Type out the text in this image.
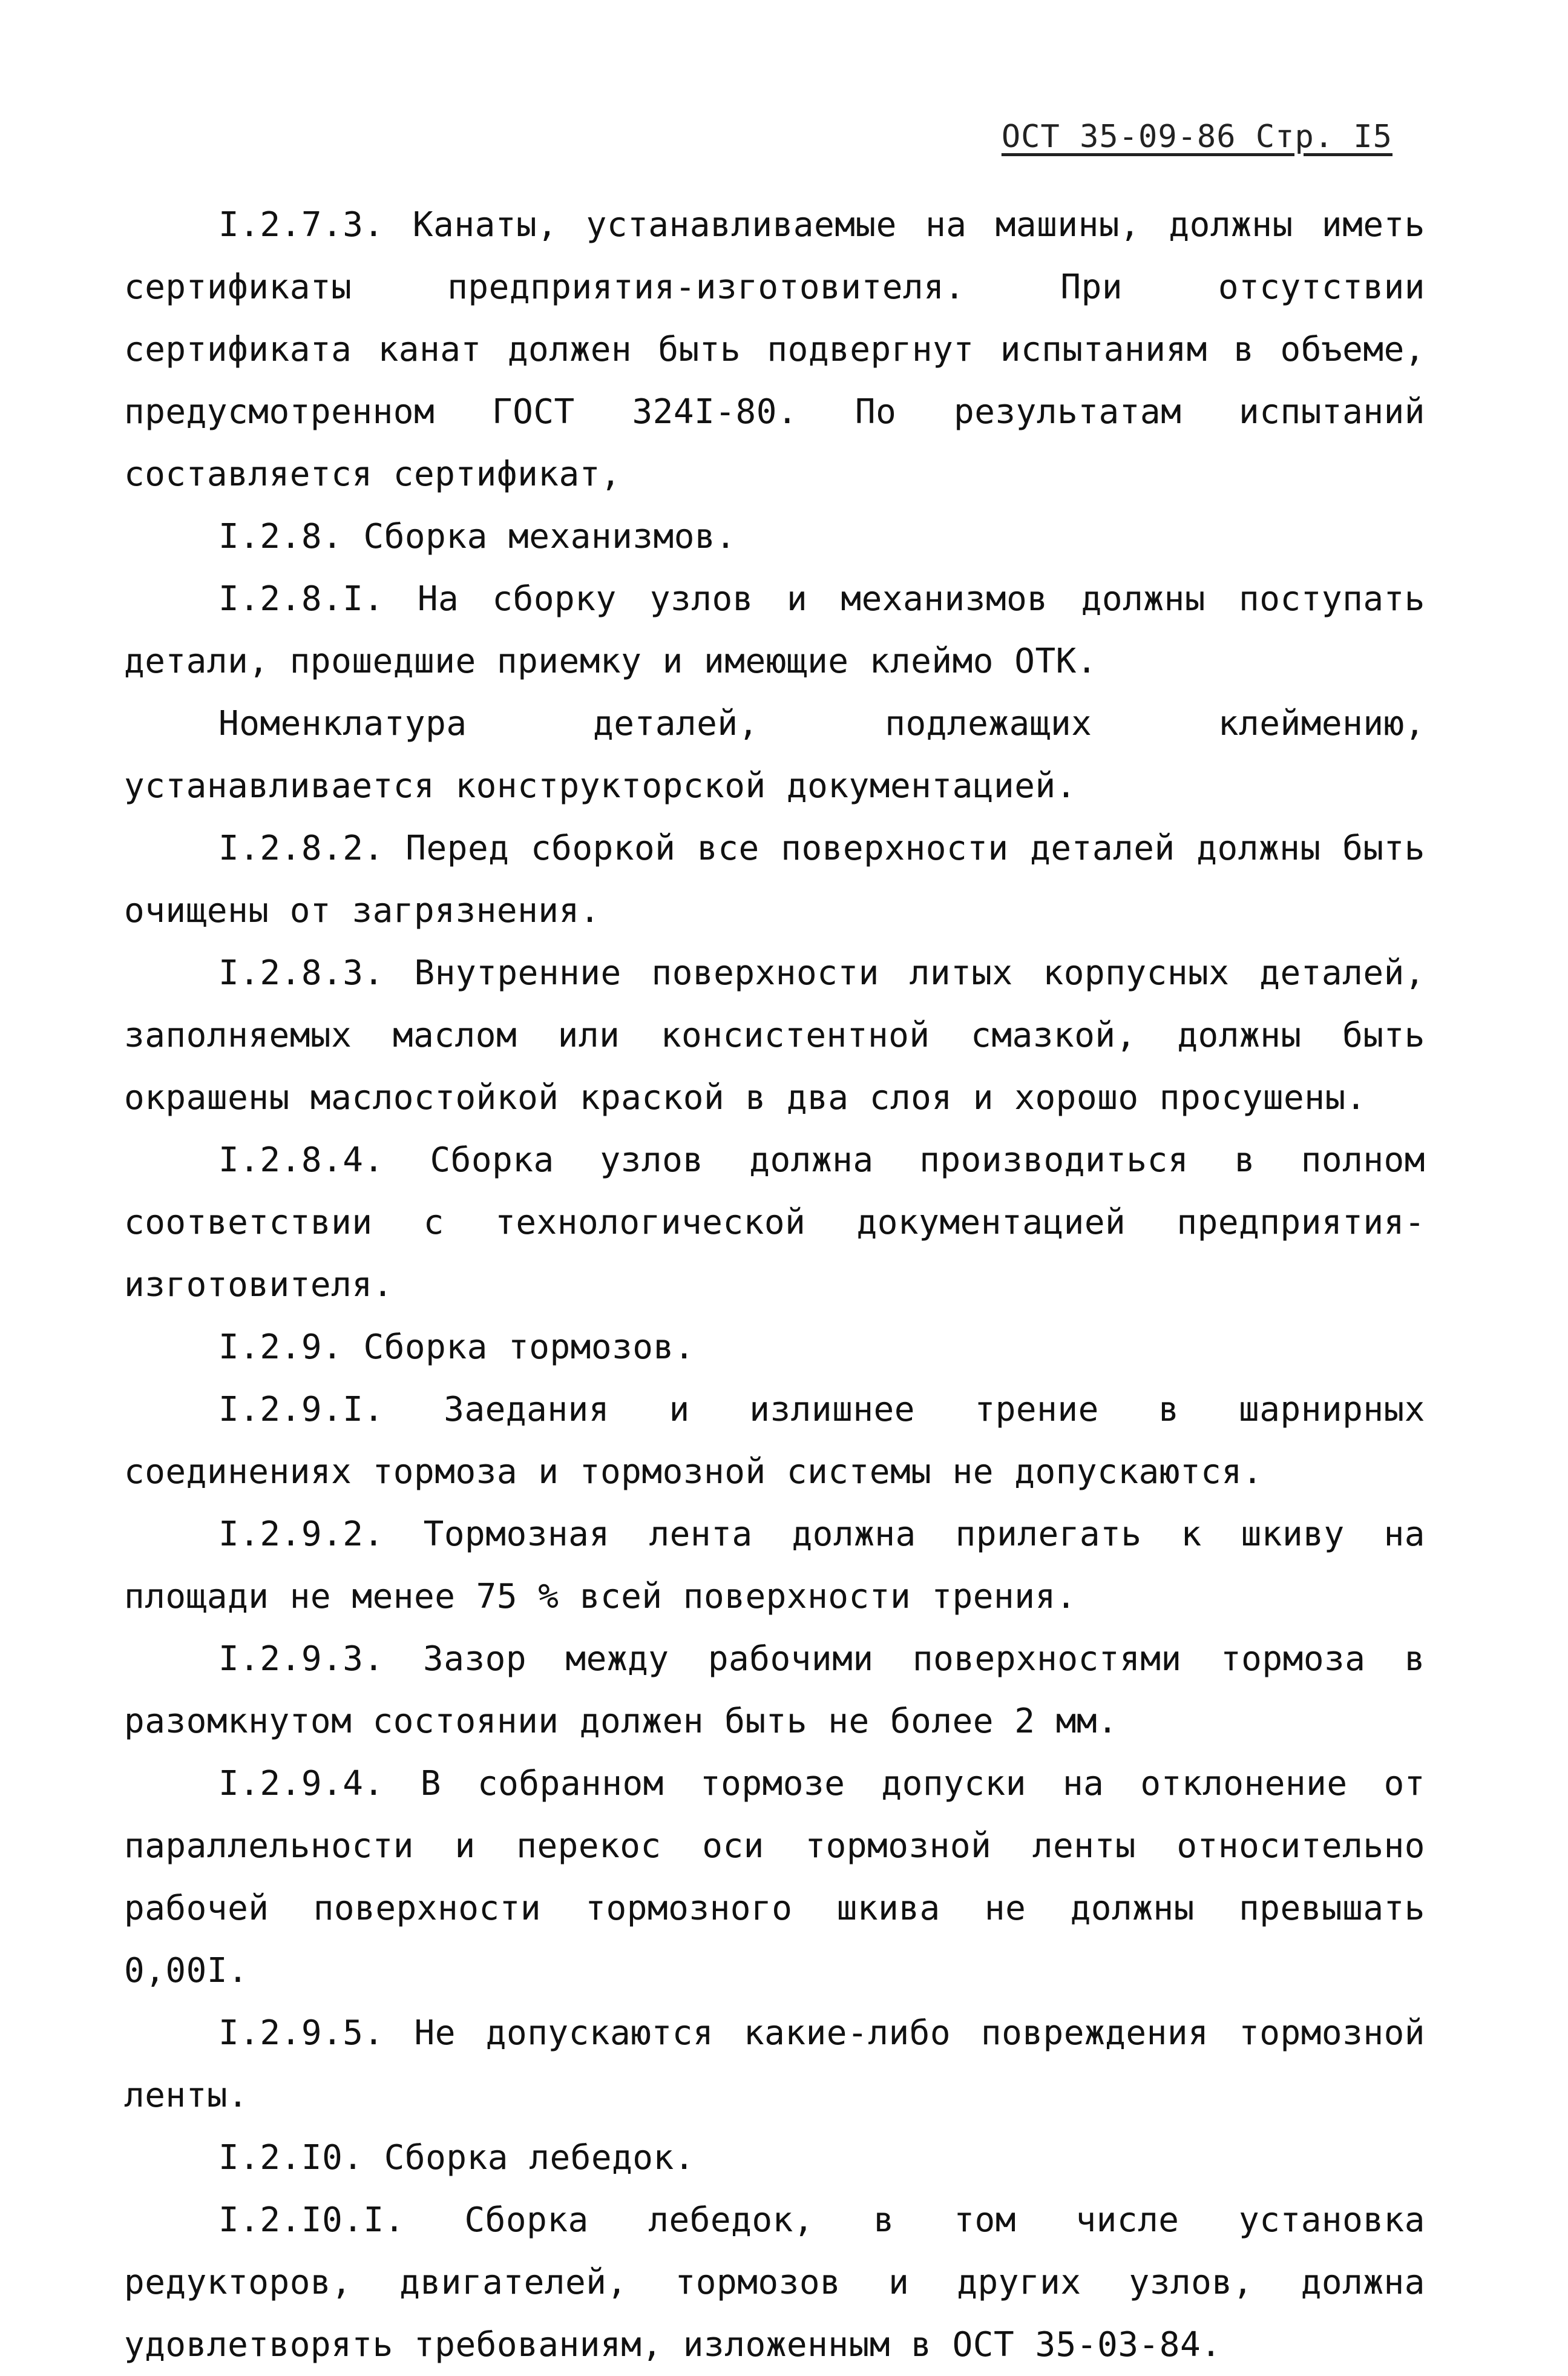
ОСТ 35-09-86 Стр. I5

I.2.7.3. Канаты, устанавливаемые на машины, должны иметь сертификаты предприятия-изготовителя. При отсутствии сертификата канат должен быть подвергнут испытаниям в объеме, предусмотренном ГОСТ 324I-80. По результатам испытаний составляется сертификат,

I.2.8. Сборка механизмов.

I.2.8.I. На сборку узлов и механизмов должны поступать детали, прошедшие приемку и имеющие клеймо ОТК.

Номенклатура деталей, подлежащих клеймению, устанавливается конструкторской документацией.

I.2.8.2. Перед сборкой все поверхности деталей должны быть очищены от загрязнения.

I.2.8.3. Внутренние поверхности литых корпусных деталей, заполняемых маслом или консистентной смазкой, должны быть окрашены маслостойкой краской в два слоя и хорошо просушены.

I.2.8.4. Сборка узлов должна производиться в полном соответствии с технологической документацией предприятия-изготовителя.

I.2.9. Сборка тормозов.

I.2.9.I. Заедания и излишнее трение в шарнирных соединениях тормоза и тормозной системы не допускаются.

I.2.9.2. Тормозная лента должна прилегать к шкиву на площади не менее 75 % всей поверхности трения.

I.2.9.3. Зазор между рабочими поверхностями тормоза в разомкнутом состоянии должен быть не более 2 мм.

I.2.9.4. В собранном тормозе допуски на отклонение от параллельности и перекос оси тормозной ленты относительно рабочей поверхности тормозного шкива не должны превышать 0,00I.

I.2.9.5. Не допускаются какие-либо повреждения тормозной ленты.

I.2.I0. Сборка лебедок.

I.2.I0.I. Сборка лебедок, в том числе установка редукторов, двигателей, тормозов и других узлов, должна удовлетворять требованиям, изложенным в ОСТ 35-03-84.
